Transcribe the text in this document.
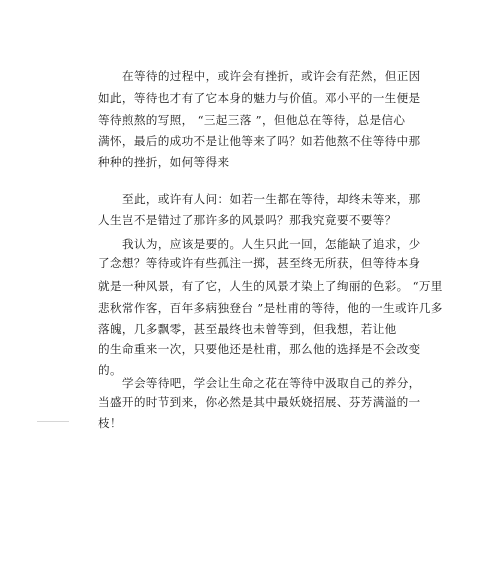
在等待的过程中，或许会有挫折，或许会有茫然，但正因
如此，等待也才有了它本身的魅力与价值。邓小平的一生便是
等待煎熬的写照， “三起三落 ”，但他总在等待，总是信心
满怀，最后的成功不是让他等来了吗？如若他熬不住等待中那
种种的挫折，如何等得来
至此，或许有人问：如若一生都在等待，却终未等来，那
人生岂不是错过了那许多的风景吗？那我究竟要不要等？
我认为，应该是要的。人生只此一回，怎能缺了追求，少
了念想？等待或许有些孤注一掷，甚至终无所获，但等待本身
就是一种风景，有了它，人生的风景才染上了绚丽的色彩。 “万里
悲秋常作客，百年多病独登台 ”是杜甫的等待，他的一生或许几多
落魄，几多飘零，甚至最终也未曾等到，但我想，若让他
的生命重来一次，只要他还是杜甫，那么他的选择是不会改变
的。
学会等待吧，学会让生命之花在等待中汲取自己的养分，
当盛开的时节到来，你必然是其中最妖娆招展、芬芳满溢的一
枝！
